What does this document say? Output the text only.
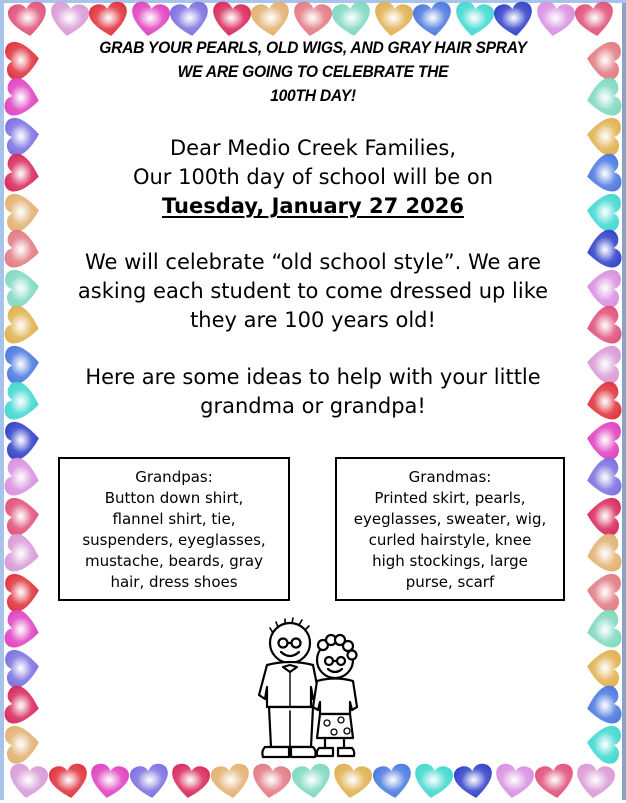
GRAB YOUR PEARLS, OLD WIGS, AND GRAY HAIR SPRAY
WE ARE GOING TO CELEBRATE THE
100TH DAY!
Dear Medio Creek Families,
Our 100th day of school will be on
Tuesday, January 27 2026
We will celebrate “old school style”. We are
asking each student to come dressed up like
they are 100 years old!
Here are some ideas to help with your little
grandma or grandpa!
Grandpas:
Button down shirt,
flannel shirt, tie,
suspenders, eyeglasses,
mustache, beards, gray
hair, dress shoes
Grandmas:
Printed skirt, pearls,
eyeglasses, sweater, wig,
curled hairstyle, knee
high stockings, large
purse, scarf
